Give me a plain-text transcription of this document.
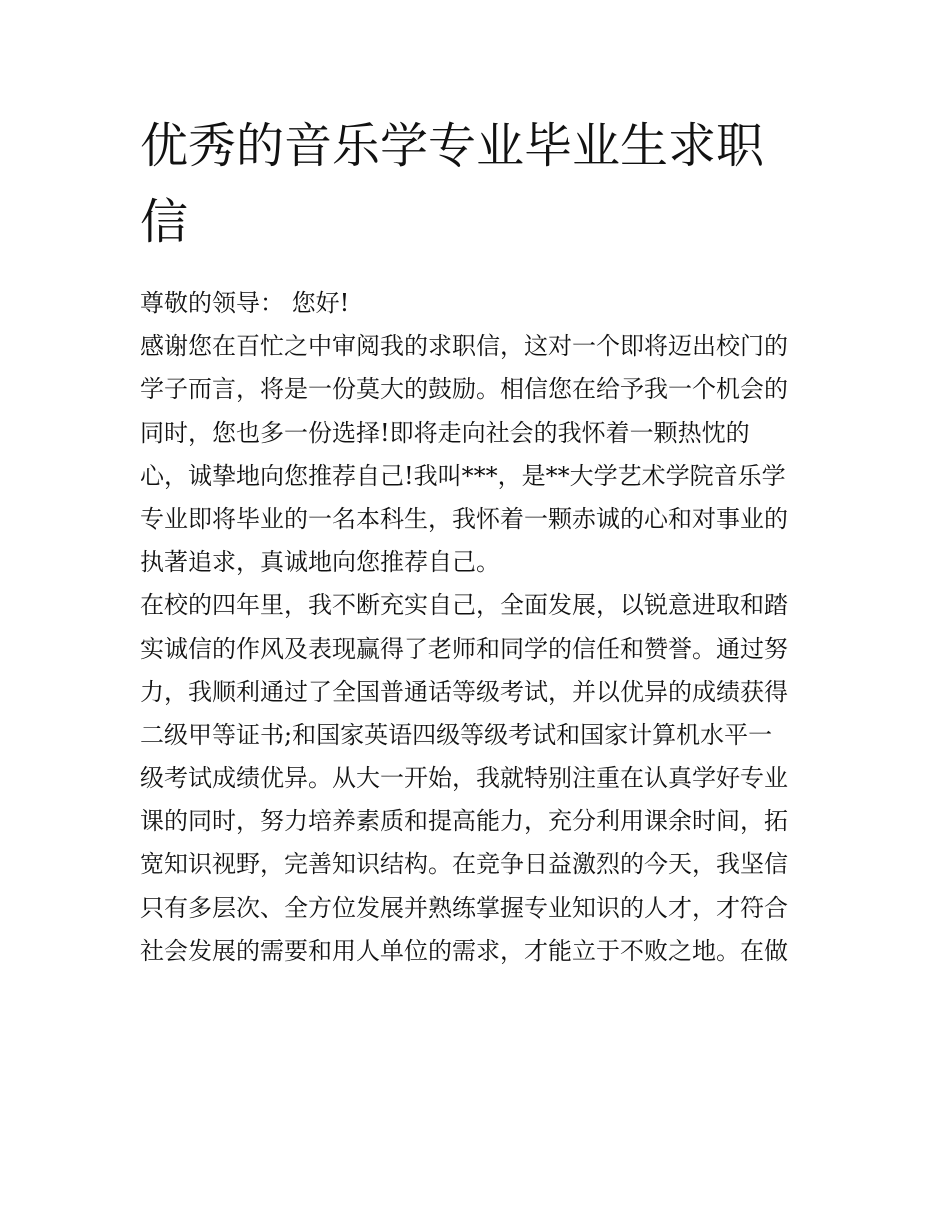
优秀的音乐学专业毕业生求职
信
尊敬的领导： 您好!
感谢您在百忙之中审阅我的求职信，这对一个即将迈出校门的
学子而言，将是一份莫大的鼓励。相信您在给予我一个机会的
同时，您也多一份选择!即将走向社会的我怀着一颗热忱的
心，诚挚地向您推荐自己!我叫***，是**大学艺术学院音乐学
专业即将毕业的一名本科生，我怀着一颗赤诚的心和对事业的
执著追求，真诚地向您推荐自己。
在校的四年里，我不断充实自己，全面发展，以锐意进取和踏
实诚信的作风及表现赢得了老师和同学的信任和赞誉。通过努
力，我顺利通过了全国普通话等级考试，并以优异的成绩获得
二级甲等证书;和国家英语四级等级考试和国家计算机水平一
级考试成绩优异。从大一开始，我就特别注重在认真学好专业
课的同时，努力培养素质和提高能力，充分利用课余时间，拓
宽知识视野，完善知识结构。在竞争日益激烈的今天，我坚信
只有多层次、全方位发展并熟练掌握专业知识的人才，才符合
社会发展的需要和用人单位的需求，才能立于不败之地。在做
